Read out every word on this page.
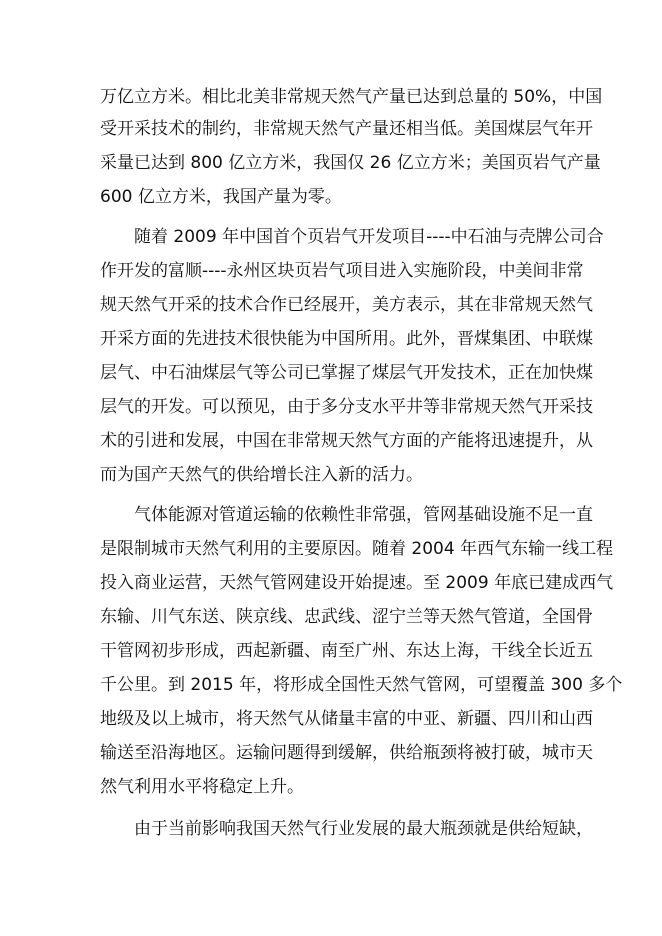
万亿立方米。相比北美非常规天然气产量已达到总量的 50%，中国
受开采技术的制约，非常规天然气产量还相当低。美国煤层气年开
采量已达到 800 亿立方米，我国仅 26 亿立方米；美国页岩气产量
600 亿立方米，我国产量为零。
随着 2009 年中国首个页岩气开发项目----中石油与壳牌公司合
作开发的富顺----永州区块页岩气项目进入实施阶段，中美间非常
规天然气开采的技术合作已经展开，美方表示，其在非常规天然气
开采方面的先进技术很快能为中国所用。此外，晋煤集团、中联煤
层气、中石油煤层气等公司已掌握了煤层气开发技术，正在加快煤
层气的开发。可以预见，由于多分支水平井等非常规天然气开采技
术的引进和发展，中国在非常规天然气方面的产能将迅速提升，从
而为国产天然气的供给增长注入新的活力。
气体能源对管道运输的依赖性非常强，管网基础设施不足一直
是限制城市天然气利用的主要原因。随着 2004 年西气东输一线工程
投入商业运营，天然气管网建设开始提速。至 2009 年底已建成西气
东输、川气东送、陕京线、忠武线、涩宁兰等天然气管道，全国骨
干管网初步形成，西起新疆、南至广州、东达上海，干线全长近五
千公里。到 2015 年，将形成全国性天然气管网，可望覆盖 300 多个
地级及以上城市，将天然气从储量丰富的中亚、新疆、四川和山西
输送至沿海地区。运输问题得到缓解，供给瓶颈将被打破，城市天
然气利用水平将稳定上升。
由于当前影响我国天然气行业发展的最大瓶颈就是供给短缺，
